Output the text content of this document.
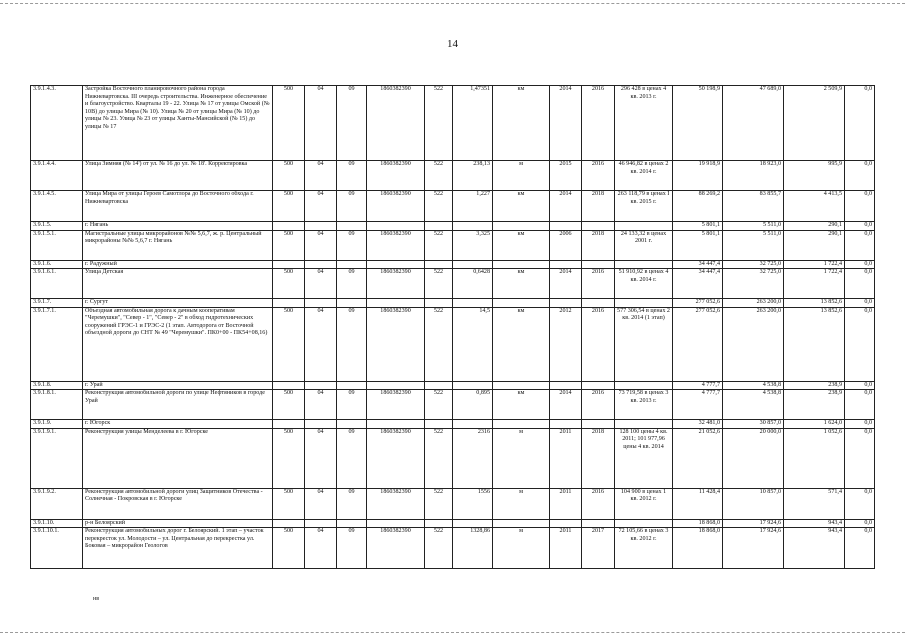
14
3.9.1.4.3.	Застройка Восточного планировочного района города Нижневартовска. III очередь строительства. Инженерное обеспечение и благоустройство. Кварталы 19 - 22. Улица № 17 от улицы Омской (№ 10В) до улицы Мира (№ 10). Улица № 20 от улицы Мира (№ 10) до улицы № 23. Улица № 23 от улицы Ханты-Мансийской (№ 15) до улицы № 17	500	04	09	1860382390	522	1,47351	км	2014	2016	296 428 в ценах 4 кв. 2013 г.	50 198,9	47 689,0	2 509,9	0,0
3.9.1.4.4.	Улица Зимняя (№ 14') от ул. № 16 до ул. № 18'. Корректировка	500	04	09	1860382390	522	238,13	м	2015	2016	46 946,82 в ценах 2 кв. 2014 г.	19 918,9	18 923,0	995,9	0,0
3.9.1.4.5.	Улица Мира от улицы Героев Самотлора до Восточного обхода г. Нижневартовска	500	04	09	1860382390	522	1,227	км	2014	2018	263 118,79 в ценах I кв. 2015 г.	88 269,2	83 855,7	4 413,5	0,0
3.9.1.5.	г. Нягань											5 801,1	5 511,0	290,1	0,0
3.9.1.5.1.	Магистральные улицы микрорайонов №№ 5,6,7, ж. р. Центральный микрорайоны №№ 5,6,7 г. Нягань	500	04	09	1860382390	522	3,325	км	2006	2018	24 133,32 в ценах 2001 г.	5 801,1	5 511,0	290,1	0,0
3.9.1.6.	г. Радужный											34 447,4	32 725,0	1 722,4	0,0
3.9.1.6.1.	Улица Детская	500	04	09	1860382390	522	0,6428	км	2014	2016	51 910,92 в ценах 4 кв. 2014 г.	34 447,4	32 725,0	1 722,4	0,0
3.9.1.7.	г. Сургут											277 052,6	263 200,0	13 852,6	0,0
3.9.1.7.1.	Объездная автомобильная дорога к дачным кооперативам "Черемушки", "Север - 1", "Север - 2" в обход гидротехнических сооружений ГРЭС-1 и ГРЭС-2 (1 этап. Автодорога от Восточной объездной дороги до СНТ № 49 "Черемушки". ПК0+00 - ПК54+08,16)	500	04	09	1860382390	522	14,5	км	2012	2016	577 306,54 в ценах 2 кв. 2014 (1 этап)	277 052,6	263 200,0	13 852,6	0,0
3.9.1.8.	г. Урай											4 777,7	4 538,8	238,9	0,0
3.9.1.8.1.	Реконструкция автомобильной дороги по улице Нефтяников в городе Урай	500	04	09	1860382390	522	0,895	км	2014	2016	73 719,58 в ценах 3 кв. 2013 г.	4 777,7	4 538,8	238,9	0,0
3.9.1.9.	г. Югорск											32 481,0	30 857,0	1 624,0	0,0
3.9.1.9.1.	Реконструкция улицы Менделеева в г. Югорске	500	04	09	1860382390	522	2316	м	2011	2018	128 100 цены 4 кв. 2011; 101 977,96 цены 4 кв. 2014	21 052,6	20 000,0	1 052,6	0,0
3.9.1.9.2.	Реконструкция автомобильной дороги улиц Защитников Отечества - Солнечная - Покровская в г. Югорске	500	04	09	1860382390	522	1556	м	2011	2016	104 900 в ценах 1 кв. 2012 г.	11 428,4	10 857,0	571,4	0,0
3.9.1.10.	р-н Белоярский											18 868,0	17 924,6	943,4	0,0
3.9.1.10.1.	Реконструкция автомобильных дорог г. Белоярский. 1 этап – участок перекресток ул. Молодости – ул. Центральная до перекрестка ул. Боковая – микрорайон Геологов	500	04	09	1860382390	522	1328,86	м	2011	2017	72 105,66 в ценах 3 кв. 2012 г.	18 868,0	17 924,6	943,4	0,0
нв
